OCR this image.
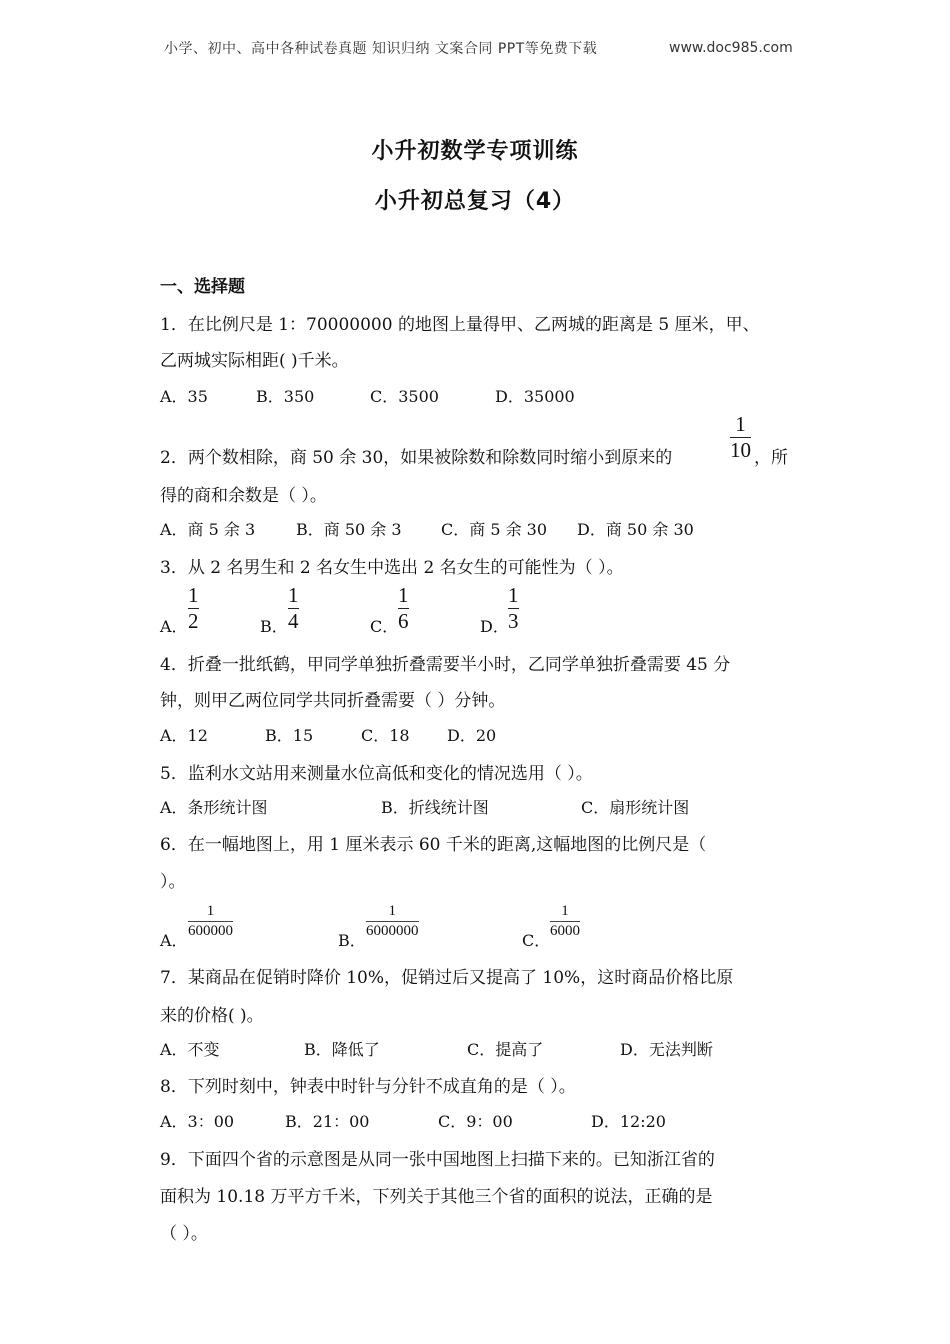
小学、初中、高中各种试卷真题 知识归纳 文案合同 PPT等免费下载	www.doc985.com
小升初数学专项训练
小升初总复习（4）
一、选择题
1．在比例尺是 1：70000000 的地图上量得甲、乙两城的距离是 5 厘米，甲、
乙两城实际相距( )千米。
A．35	B．350	C．3500	D．35000
2．两个数相除，商 50 余 30，如果被除数和除数同时缩小到原来的
1
10 ，所
得的商和余数是（ ）。
A．商 5 余 3	B．商 50 余 3 C．商 5 余 30 D．商 50 余 30
3．从 2 名男生和 2 名女生中选出 2 名女生的可能性为（ ）。
A．
1
2	B．
1
4	C．
1
6	D．
1
3
4．折叠一批纸鹤，甲同学单独折叠需要半小时，乙同学单独折叠需要 45 分
钟，则甲乙两位同学共同折叠需要（ ）分钟。
A．12	B．15	C．18 D．20
5．监利水文站用来测量水位高低和变化的情况选用（ ）。
A．条形统计图	B．折线统计图	C．扇形统计图
6．在一幅地图上，用 1 厘米表示 60 千米的距离,这幅地图的比例尺是（
）。
A．
1
600000	B．
1
6000000	C．
1
6000
7．某商品在促销时降价 10%，促销过后又提高了 10%，这时商品价格比原
来的价格( )。
A．不变	B．降低了	C．提高了	D．无法判断
8．下列时刻中，钟表中时针与分针不成直角的是（ ）。
A．3：00	B．21：00	C．9：00	D．12:20
9．下面四个省的示意图是从同一张中国地图上扫描下来的。已知浙江省的
面积为 10.18 万平方千米，下列关于其他三个省的面积的说法，正确的是
（ ）。
